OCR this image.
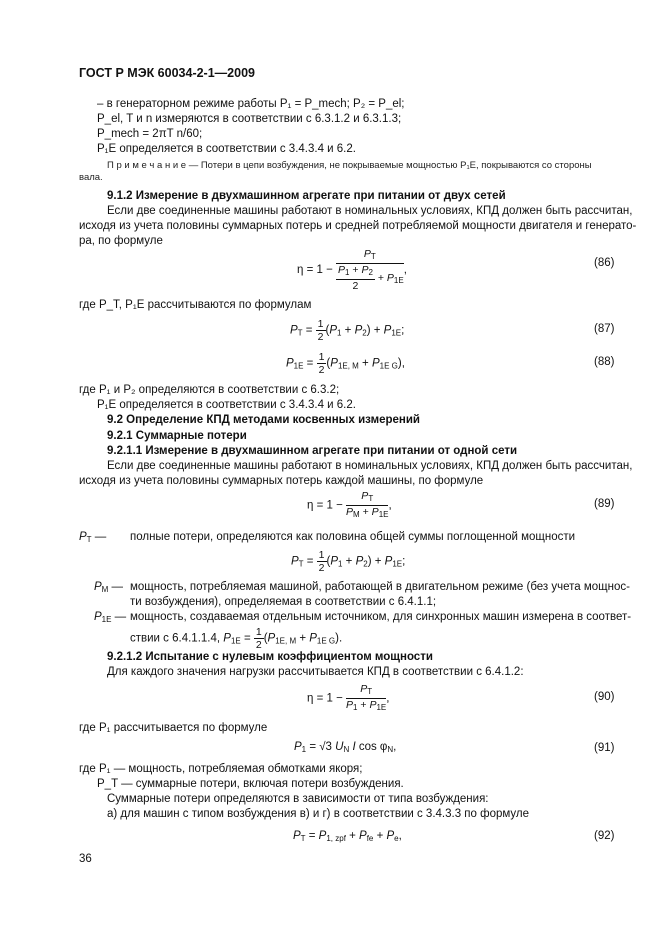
ГОСТ Р МЭК 60034-2-1—2009
– в генераторном режиме работы P₁ = P_mech; P₂ = P_el;
P_el, T и n измеряются в соответствии с 6.3.1.2 и 6.3.1.3;
P_mech = 2πT n/60;
P₁E определяется в соответствии с 3.4.3.4 и 6.2.
П р и м е ч а н и е — Потери в цепи возбуждения, не покрываемые мощностью P₁E, покрываются со стороны
вала.
9.1.2 Измерение в двухмашинном агрегате при питании от двух сетей
Если две соединенные машины работают в номинальных условиях, КПД должен быть рассчитан,
исходя из учета половины суммарных потерь и средней потребляемой мощности двигателя и генерато-
ра, по формуле
$\eta = 1 - \frac{P_T}{\frac{P_1 + P_2}{2} + P_{1E}}$ ,
(86)
где P_T, P₁E рассчитываются по формулам
$P_T = \frac{1}{2} (P_1 + P_2) + P_{1E}$;	(87)
$P_{1E} = \frac{1}{2} (P_{1E, M} + P_{1E G})$,	(88)
где P₁ и P₂ определяются в соответствии с 6.3.2;
P₁E определяется в соответствии с 3.4.3.4 и 6.2.
9.2 Определение КПД методами косвенных измерений
9.2.1 Суммарные потери
9.2.1.1 Измерение в двухмашинном агрегате при питании от одной сети
Если две соединенные машины работают в номинальных условиях, КПД должен быть рассчитан,
исходя из учета половины суммарных потерь каждой машины, по формуле
$\eta = 1 - \frac{P_T}{P_M + P_{1E}}$ ,	(89)
$P_T$ — полные потери, определяются как половина общей суммы поглощенной мощности
$P_T = \frac{1}{2} (P_1 + P_2) + P_{1E}$;
$P_M$ — мощность, потребляемая машиной, работающей в двигательном режиме (без учета мощнос-
ти возбуждения), определяемая в соответствии с 6.4.1.1;
$P_{1E}$ — мощность, создаваемая отдельным источником, для синхронных машин измерена в соответ-
ствии с 6.4.1.1.4, $P_{1E} = \frac{1}{2} (P_{1E, M} + P_{1E G})$.
9.2.1.2 Испытание с нулевым коэффициентом мощности
Для каждого значения нагрузки рассчитывается КПД в соответствии с 6.4.1.2:
$\eta = 1 - \frac{P_T}{P_1 + P_{1E}}$ ,	(90)
где P₁ рассчитывается по формуле
$P_1 = √3$ $U_N$ I $\cos \varphi_N$,	(91)
где P₁ — мощность, потребляемая обмотками якоря;
P_T — суммарные потери, включая потери возбуждения.
Суммарные потери определяются в зависимости от типа возбуждения:
а) для машин с типом возбуждения в) и г) в соответствии с 3.4.3.3 по формуле
$P_T = P_{1, zpf} + P_{fe} + P_e$,	(92)
36
